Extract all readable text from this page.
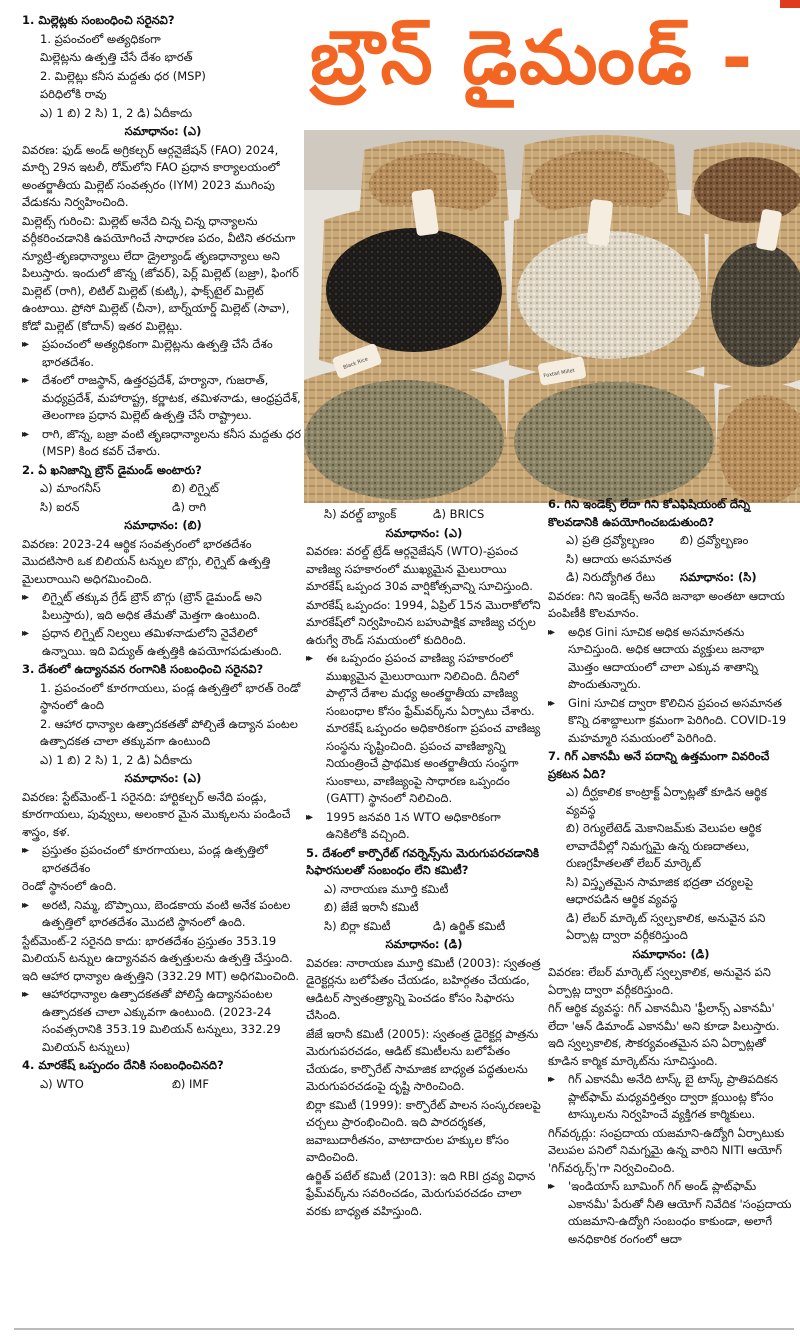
బ్రౌన్ డైమండ్ -
1. మిల్లెట్లకు సంబంధించి సరైనవి?
1. ప్రపంచంలో అత్యధికంగా
మిల్లెట్లను ఉత్పత్తి చేసే దేశం భారత్
2. మిల్లెట్లు కనీస మద్దతు ధర (MSP)
పరిధిలోకి రావు
ఎ) 1 బి) 2 సి) 1, 2 డి) ఏదీకాదు
సమాధానం: (ఎ)
వివరణ: ఫుడ్ అండ్ అగ్రికల్చర్ ఆర్గనైజేషన్ (FAO) 2024, మార్చి 29న ఇటలీ, రోమ్‌లోని FAO ప్రధాన కార్యాలయంలో అంతర్జాతీయ మిల్లెట్ సంవత్సరం (IYM) 2023 ముగింపు వేడుకను నిర్వహించింది.
మిల్లెట్స్ గురించి: మిల్లెట్ అనేది చిన్న చిన్న ధాన్యాలను వర్గీకరించడానికి ఉపయోగించే సాధారణ పదం, వీటిని తరచుగా న్యూట్రి-తృణధాన్యాలు లేదా డ్రైల్యాండ్ తృణధాన్యాలు అని పిలుస్తారు. ఇందులో జొన్న (జోవర్), పెర్ల్ మిల్లెట్ (బజ్రా), ఫింగర్ మిల్లెట్ (రాగి), లిటిల్ మిల్లెట్ (కుట్కి), ఫాక్స్‌టైల్ మిల్లెట్ ఉంటాయి. ప్రోసో మిల్లెట్ (చీనా), బార్న్‌యార్డ్ మిల్లెట్ (సావా), కోడో మిల్లెట్ (కోదాన్) ఇతర మిల్లెట్లు.
▸▸ ప్రపంచంలో అత్యధికంగా మిల్లెట్లను ఉత్పత్తి చేసే దేశం భారతదేశం.
▸▸ దేశంలో రాజస్థాన్, ఉత్తరప్రదేశ్, హర్యానా, గుజరాత్, మధ్యప్రదేశ్, మహారాష్ట్ర, కర్ణాటక, తమిళనాడు, ఆంధ్రప్రదేశ్, తెలంగాణ ప్రధాన మిల్లెట్ ఉత్పత్తి చేసే రాష్ట్రాలు.
▸▸ రాగి, జొన్న, బజ్రా వంటి తృణధాన్యాలను కనీస మద్దతు ధర (MSP) కింద కవర్ చేశారు.
2. ఏ ఖనిజాన్ని బ్రౌన్ డైమండ్ అంటారు?
ఎ) మాంగనీస్	బి) లిగ్నైట్
సి) ఐరన్	డి) రాగి
సమాధానం: (బి)
వివరణ: 2023-24 ఆర్థిక సంవత్సరంలో భారతదేశం మొదటిసారి ఒక బిలియన్ టన్నుల బొగ్గు, లిగ్నైట్ ఉత్పత్తి మైలురాయిని అధిగమించింది.
▸▸ లిగ్నైట్ తక్కువ గ్రేడ్ బ్రౌన్ బొగ్గు (బ్రౌన్ డైమండ్ అని పిలుస్తారు), ఇది అధిక తేమతో మెత్తగా ఉంటుంది.
▸▸ ప్రధాన లిగ్నైట్ నిల్వలు తమిళనాడులోని నైవేలిలో ఉన్నాయి. ఇది విద్యుత్ ఉత్పత్తికి ఉపయోగపడుతుంది.
3. దేశంలో ఉద్యానవన రంగానికి సంబంధించి సరైనవి?
1. ప్రపంచంలో కూరగాయలు, పండ్ల ఉత్పత్తిలో భారత్ రెండో స్థానంలో ఉంది
2. ఆహార ధాన్యాల ఉత్పాదకతతో పోల్చితే ఉద్యాన పంటల ఉత్పాదకత చాలా తక్కువగా ఉంటుంది
ఎ) 1 బి) 2 సి) 1, 2 డి) ఏదీకాదు
సమాధానం: (ఎ)
వివరణ: స్టేట్‌మెంట్-1 సరైనది: హార్టికల్చర్ అనేది పండ్లు, కూరగాయలు, పువ్వులు, అలంకార మైన మొక్కలను పండించే శాస్త్రం, కళ.
▸▸ ప్రస్తుతం ప్రపంచంలో కూరగాయలు, పండ్ల ఉత్పత్తిలో భారతదేశం
రెండో స్థానంలో ఉంది.
▸▸ అరటి, నిమ్మ, బొప్పాయి, బెండకాయ వంటి అనేక పంటల ఉత్పత్తిలో భారతదేశం మొదటి స్థానంలో ఉంది.
స్టేట్‌మెంట్-2 సరైనది కాదు: భారతదేశం ప్రస్తుతం 353.19 మిలియన్ టన్నుల ఉద్యానవన ఉత్పత్తులను ఉత్పత్తి చేస్తుంది. ఇది ఆహార ధాన్యాల ఉత్పత్తిని (332.29 MT) అధిగమించింది.
▸▸ ఆహారధాన్యాల ఉత్పాదకతతో పోలిస్తే ఉద్యానపంటల ఉత్పాదకత చాలా ఎక్కువగా ఉంటుంది. (2023-24 సంవత్సరానికి 353.19 మిలియన్ టన్నులు, 332.29 మిలియన్ టన్నులు)
4. మారకేష్ ఒప్పందం దేనికి సంబంధించినది?
ఎ) WTO	బి) IMF
Black Rice
Foxtail Millet
సి) వరల్డ్ బ్యాంక్	డి) BRICS
సమాధానం: (ఎ)
వివరణ: వరల్డ్ ట్రేడ్ ఆర్గనైజేషన్ (WTO)-ప్రపంచ వాణిజ్య సహకారంలో ముఖ్యమైన మైలురాయి మారకేష్ ఒప్పంద 30వ వార్షికోత్సవాన్ని సూచిస్తుంది.
మారకేష్ ఒప్పందం: 1994, ఏప్రిల్ 15న మొరాకోలోని మారకేష్‌లో నిర్వహించిన బహుపాక్షిక వాణిజ్య చర్చల ఉరుగ్వే రౌండ్ సమయంలో కుదిరింది.
▸▸ ఈ ఒప్పందం ప్రపంచ వాణిజ్య సహకారంలో ముఖ్యమైన మైలురాయిగా నిలిచింది. దీనిలో పాల్గొనే దేశాల మధ్య అంతర్జాతీయ వాణిజ్య సంబంధాల కోసం ఫ్రేమ్‌వర్క్‌ను ఏర్పాటు చేశారు. మారకేష్ ఒప్పందం అధికారికంగా ప్రపంచ వాణిజ్య సంస్థను సృష్టించింది. ప్రపంచ వాణిజ్యాన్ని నియంత్రించే ప్రాథమిక అంతర్జాతీయ సంస్థగా సుంకాలు, వాణిజ్యంపై సాధారణ ఒప్పందం (GATT) స్థానంలో నిలిచింది.
▸▸ 1995 జనవరి 1న WTO అధికారికంగా ఉనికిలోకి వచ్చింది.
5. దేశంలో కార్పొరేట్ గవర్నెన్స్‌ను మెరుగుపరచడానికి సిఫారసులతో సంబంధం లేని కమిటీ?
ఎ) నారాయణ మూర్తి కమిటీ
బి) జేజే ఇరానీ కమిటీ
సి) బిర్లా కమిటీ	డి) ఉర్జిత్ కమిటీ
సమాధానం: (డి)
వివరణ: నారాయణ మూర్తి కమిటీ (2003): స్వతంత్ర డైరెక్టర్లను బలోపేతం చేయడం, బహిర్గతం చేయడం, ఆడిటర్ స్వాతంత్ర్యాన్ని పెంచడం కోసం సిఫారసు చేసింది.
జేజే ఇరానీ కమిటీ (2005): స్వతంత్ర డైరెక్టర్ల పాత్రను మెరుగుపరచడం, ఆడిట్ కమిటీలను బలోపేతం చేయడం, కార్పొరేట్ సామాజిక బాధ్యత పద్ధతులను మెరుగుపరచడంపై దృష్టి సారించింది.
బిర్లా కమిటీ (1999): కార్పొరేట్ పాలన సంస్కరణలపై చర్చలు ప్రారంభించింది. ఇది పారదర్శకత, జవాబుదారీతనం, వాటాదారుల హక్కుల కోసం వాదించింది.
ఉర్జిత్ పటేల్ కమిటీ (2013): ఇది RBI ద్రవ్య విధాన ఫ్రేమ్‌వర్క్‌ను సవరించడం, మెరుగుపరచడం చాలా వరకు బాధ్యత వహిస్తుంది.
6. గిని ఇండెక్స్ లేదా గిని కోఎఫిషియంట్ దేన్ని కొలవడానికి ఉపయోగించబడుతుంది?
ఎ) ప్రతి ద్రవ్యోల్బణం	బి) ద్రవ్యోల్బణం
సి) ఆదాయ అసమానత
డి) నిరుద్యోగిత రేటు	సమాధానం: (సి)
వివరణ: గిని ఇండెక్స్ అనేది జనాభా అంతటా ఆదాయ పంపిణీకి కొలమానం.
▸▸ అధిక Gini సూచిక అధిక అసమానతను సూచిస్తుంది. అధిక ఆదాయ వ్యక్తులు జనాభా మొత్తం ఆదాయంలో చాలా ఎక్కువ శాతాన్ని పొందుతున్నారు.
▸▸ Gini సూచిక ద్వారా కొలిచిన ప్రపంచ అసమానత కొన్ని దశాబ్దాలుగా క్రమంగా పెరిగింది. COVID-19 మహమ్మారి సమయంలో పెరిగింది.
7. గిగ్ ఎకానమీ అనే పదాన్ని ఉత్తమంగా వివరించే ప్రకటన ఏది?
ఎ) దీర్ఘకాలిక కాంట్రాక్ట్ ఏర్పాట్లతో కూడిన ఆర్థిక వ్యవస్థ
బి) రెగ్యులేటెడ్ మెకానిజమ్‌కు వెలుపల ఆర్థిక లావాదేవీల్లో నిమగ్నమై ఉన్న రుణదాతలు, రుణగ్రహీతలతో లేబర్ మార్కెట్
సి) విస్తృతమైన సామాజిక భద్రతా చర్యలపై ఆధారపడిన ఆర్థిక వ్యవస్థ
డి) లేబర్ మార్కెట్ స్వల్పకాలిక, అనువైన పని ఏర్పాట్ల ద్వారా వర్గీకరిస్తుంది
సమాధానం: (డి)
వివరణ: లేబర్ మార్కెట్ స్వల్పకాలిక, అనువైన పని ఏర్పాట్ల ద్వారా వర్గీకరిస్తుంది.
గిగ్ ఆర్థిక వ్యవస్థ: గిగ్ ఎకానమీని 'ఫ్రీలాన్స్ ఎకానమీ' లేదా 'ఆన్ డిమాండ్ ఎకానమీ' అని కూడా పిలుస్తారు. ఇది స్వల్పకాలిక, సౌకర్యవంతమైన పని ఏర్పాట్లతో కూడిన కార్మిక మార్కెట్‌ను సూచిస్తుంది.
▸▸ గిగ్ ఎకానమీ అనేది టాస్క్ బై టాస్క్ ప్రాతిపదికన ప్లాట్‌ఫామ్ మధ్యవర్తిత్వం ద్వారా క్లయింట్ల కోసం టాస్కులను నిర్వహించే వ్యక్తిగత కార్మికులు.
గిగ్‌వర్కర్లు: సంప్రదాయ యజమాని-ఉద్యోగి ఏర్పాటుకు వెలుపల పనిలో నిమగ్నమై ఉన్న వారిని NITI ఆయోగ్ 'గిగ్‌వర్కర్స్'గా నిర్వచించింది.
▸▸ 'ఇండియాస్ బూమింగ్ గిగ్ అండ్ ప్లాట్‌ఫామ్ ఎకానమీ' పేరుతో నీతి ఆయోగ్ నివేదిక 'సంప్రదాయ యజమాని-ఉద్యోగి సంబంధం కాకుండా, అలాగే అనధికారిక రంగంలో ఆదా
